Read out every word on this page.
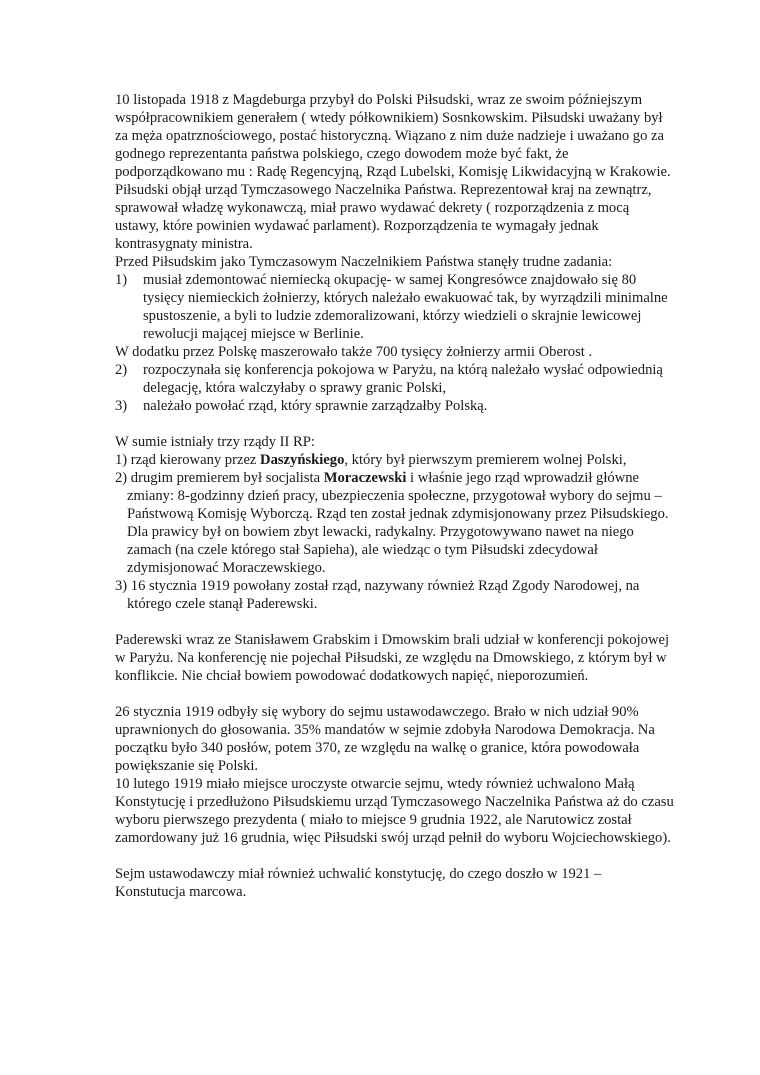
10 listopada 1918 z Magdeburga przybył do Polski Piłsudski, wraz ze swoim późniejszym współpracownikiem generałem ( wtedy półkownikiem) Sosnkowskim. Piłsudski uważany był za męża opatrznościowego, postać historyczną. Wiązano z nim duże nadzieje i uważano go za godnego reprezentanta państwa polskiego, czego dowodem może być fakt, że podporządkowano mu : Radę Regencyjną, Rząd Lubelski, Komisję Likwidacyjną w Krakowie.

Piłsudski objął urząd Tymczasowego Naczelnika Państwa. Reprezentował kraj na zewnątrz, sprawował władzę wykonawczą, miał prawo wydawać dekrety ( rozporządzenia z mocą ustawy, które powinien wydawać parlament). Rozporządzenia te wymagały jednak kontrasygnaty ministra.

Przed Piłsudskim jako Tymczasowym Naczelnikiem Państwa stanęły trudne zadania:

1)	musiał zdemontować niemiecką okupację- w samej Kongresówce znajdowało się 80 tysięcy niemieckich żołnierzy, których należało ewakuować tak, by wyrządzili minimalne spustoszenie, a byli to ludzie zdemoralizowani, którzy wiedzieli o skrajnie lewicowej rewolucji mającej miejsce w Berlinie.

W dodatku przez Polskę maszerowało także 700 tysięcy żołnierzy armii Oberost .

2)	rozpoczynała się konferencja pokojowa w Paryżu, na którą należało wysłać odpowiednią delegację, która walczyłaby o sprawy granic Polski,
3)	należało powołać rząd, który sprawnie zarządzałby Polską.

W sumie istniały trzy rządy II RP:

1) rząd kierowany przez Daszyńskiego, który był pierwszym premierem wolnej Polski,

2) drugim premierem był socjalista Moraczewski i właśnie jego rząd wprowadził główne zmiany: 8-godzinny dzień pracy, ubezpieczenia społeczne, przygotował wybory do sejmu – Państwową Komisję Wyborczą. Rząd ten został jednak zdymisjonowany przez Piłsudskiego. Dla prawicy był on bowiem zbyt lewacki, radykalny. Przygotowywano nawet na niego zamach (na czele którego stał Sapieha), ale wiedząc o tym Piłsudski zdecydował zdymisjonować Moraczewskiego.

3) 16 stycznia 1919 powołany został rząd, nazywany również Rząd Zgody Narodowej, na którego czele stanął Paderewski.

Paderewski wraz ze Stanisławem Grabskim i Dmowskim brali udział w konferencji pokojowej w Paryżu. Na konferencję nie pojechał Piłsudski, ze względu na Dmowskiego, z którym był w konflikcie. Nie chciał bowiem powodować dodatkowych napięć, nieporozumień.

26 stycznia 1919 odbyły się wybory do sejmu ustawodawczego. Brało w nich udział 90% uprawnionych do głosowania. 35% mandatów w sejmie zdobyła Narodowa Demokracja. Na początku było 340 posłów, potem 370, ze względu na walkę o granice, która powodowała powiększanie się Polski.

10 lutego 1919 miało miejsce uroczyste otwarcie sejmu, wtedy również uchwalono Małą Konstytucję i przedłużono Piłsudskiemu urząd Tymczasowego Naczelnika Państwa aż do czasu wyboru pierwszego prezydenta ( miało to miejsce 9 grudnia 1922, ale Narutowicz został zamordowany już 16 grudnia, więc Piłsudski swój urząd pełnił do wyboru Wojciechowskiego).

Sejm ustawodawczy miał również uchwalić konstytucję, do czego doszło w 1921 – Konstutucja marcowa.
